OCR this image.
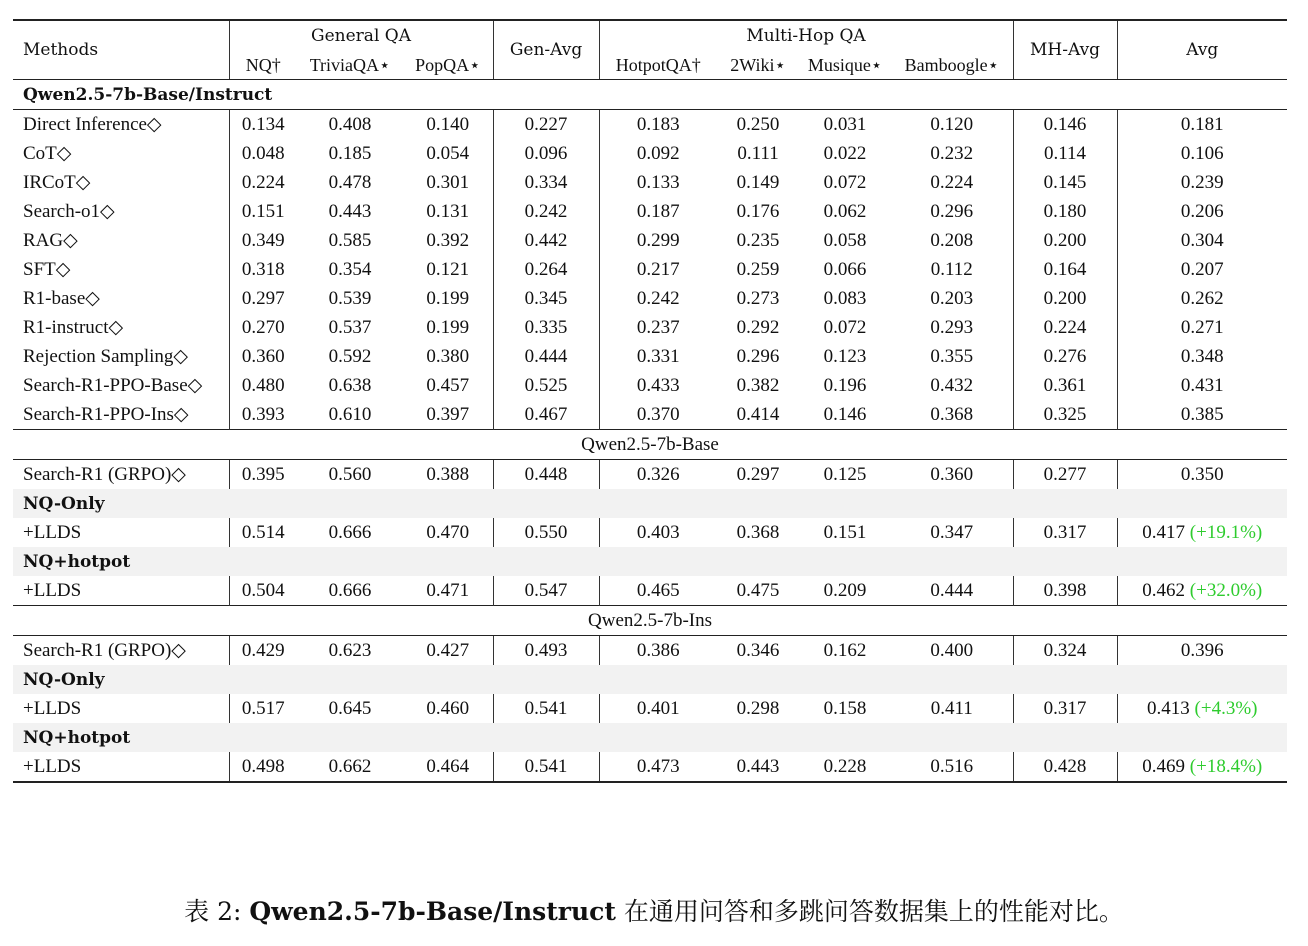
Methods	General QA			Gen-Avg	Multi-Hop QA				MH-Avg	Avg
	NQ†	TriviaQA⋆	PopQA⋆		HotpotQA†	2Wiki⋆	Musique⋆	Bamboogle⋆		
Qwen2.5-7b-Base/Instruct										
Direct Inference◇	0.134	0.408	0.140	0.227	0.183	0.250	0.031	0.120	0.146	0.181
CoT◇	0.048	0.185	0.054	0.096	0.092	0.111	0.022	0.232	0.114	0.106
IRCoT◇	0.224	0.478	0.301	0.334	0.133	0.149	0.072	0.224	0.145	0.239
Search-o1◇	0.151	0.443	0.131	0.242	0.187	0.176	0.062	0.296	0.180	0.206
RAG◇	0.349	0.585	0.392	0.442	0.299	0.235	0.058	0.208	0.200	0.304
SFT◇	0.318	0.354	0.121	0.264	0.217	0.259	0.066	0.112	0.164	0.207
R1-base◇	0.297	0.539	0.199	0.345	0.242	0.273	0.083	0.203	0.200	0.262
R1-instruct◇	0.270	0.537	0.199	0.335	0.237	0.292	0.072	0.293	0.224	0.271
Rejection Sampling◇	0.360	0.592	0.380	0.444	0.331	0.296	0.123	0.355	0.276	0.348
Search-R1-PPO-Base◇	0.480	0.638	0.457	0.525	0.433	0.382	0.196	0.432	0.361	0.431
Search-R1-PPO-Ins◇	0.393	0.610	0.397	0.467	0.370	0.414	0.146	0.368	0.325	0.385
Qwen2.5-7b-Base										
Search-R1 (GRPO)◇	0.395	0.560	0.388	0.448	0.326	0.297	0.125	0.360	0.277	0.350
NQ-Only										
+LLDS	0.514	0.666	0.470	0.550	0.403	0.368	0.151	0.347	0.317	0.417 (+19.1%)
NQ+hotpot										
+LLDS	0.504	0.666	0.471	0.547	0.465	0.475	0.209	0.444	0.398	0.462 (+32.0%)
Qwen2.5-7b-Ins										
Search-R1 (GRPO)◇	0.429	0.623	0.427	0.493	0.386	0.346	0.162	0.400	0.324	0.396
NQ-Only										
+LLDS	0.517	0.645	0.460	0.541	0.401	0.298	0.158	0.411	0.317	0.413 (+4.3%)
NQ+hotpot										
+LLDS	0.498	0.662	0.464	0.541	0.473	0.443	0.228	0.516	0.428	0.469 (+18.4%)
表 2: Qwen2.5-7b-Base/Instruct 在通用问答和多跳问答数据集上的性能对比。
